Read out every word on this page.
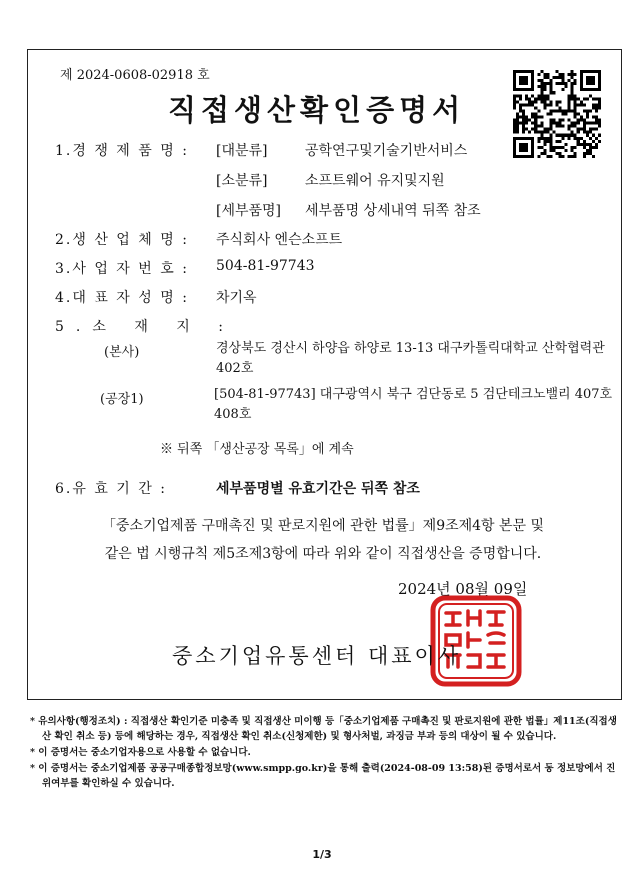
제 2024-0608-02918 호
직접생산확인증명서
1.경 쟁 제 품 명 : [대분류]	공학연구및기술기반서비스
[소분류]	소프트웨어 유지및지원
[세부품명] 세부품명 상세내역 뒤쪽 참조
2.생 산 업 체 명 : 주식회사 엔슨소프트
3.사 업 자 번 호 : 504-81-97743
4.대 표 자 성 명 : 차기옥
5.소 재 지 :
(본사)	경상북도 경산시 하양읍 하양로 13-13 대구카톨릭대학교 산학협력관 402호
(공장1)	[504-81-97743] 대구광역시 북구 검단동로 5 검단테크노밸리 407호 408호
※ 뒤쪽 「생산공장 목록」에 계속
6.유 효 기 간 :	세부품명별 유효기간은 뒤쪽 참조
「중소기업제품 구매촉진 및 판로지원에 관한 법률」제9조제4항 본문 및
같은 법 시행규칙 제5조제3항에 따라 위와 같이 직접생산을 증명합니다.
2024년 08월 09일
중소기업유통센터 대표이사

* 유의사항(행정조치) : 직접생산 확인기준 미충족 및 직접생산 미이행 등「중소기업제품 구매촉진 및 판로지원에 관한 법률」제11조(직접생산 확인 취소 등) 등에 해당하는 경우, 직접생산 확인 취소(신청제한) 및 형사처벌, 과징금 부과 등의 대상이 될 수 있습니다.

* 이 증명서는 중소기업자용으로 사용할 수 없습니다.

* 이 증명서는 중소기업제품 공공구매종합정보망(www.smpp.go.kr)을 통해 출력(2024-08-09 13:58)된 증명서로서 동 정보망에서 진위여부를 확인하실 수 있습니다.

1/3
